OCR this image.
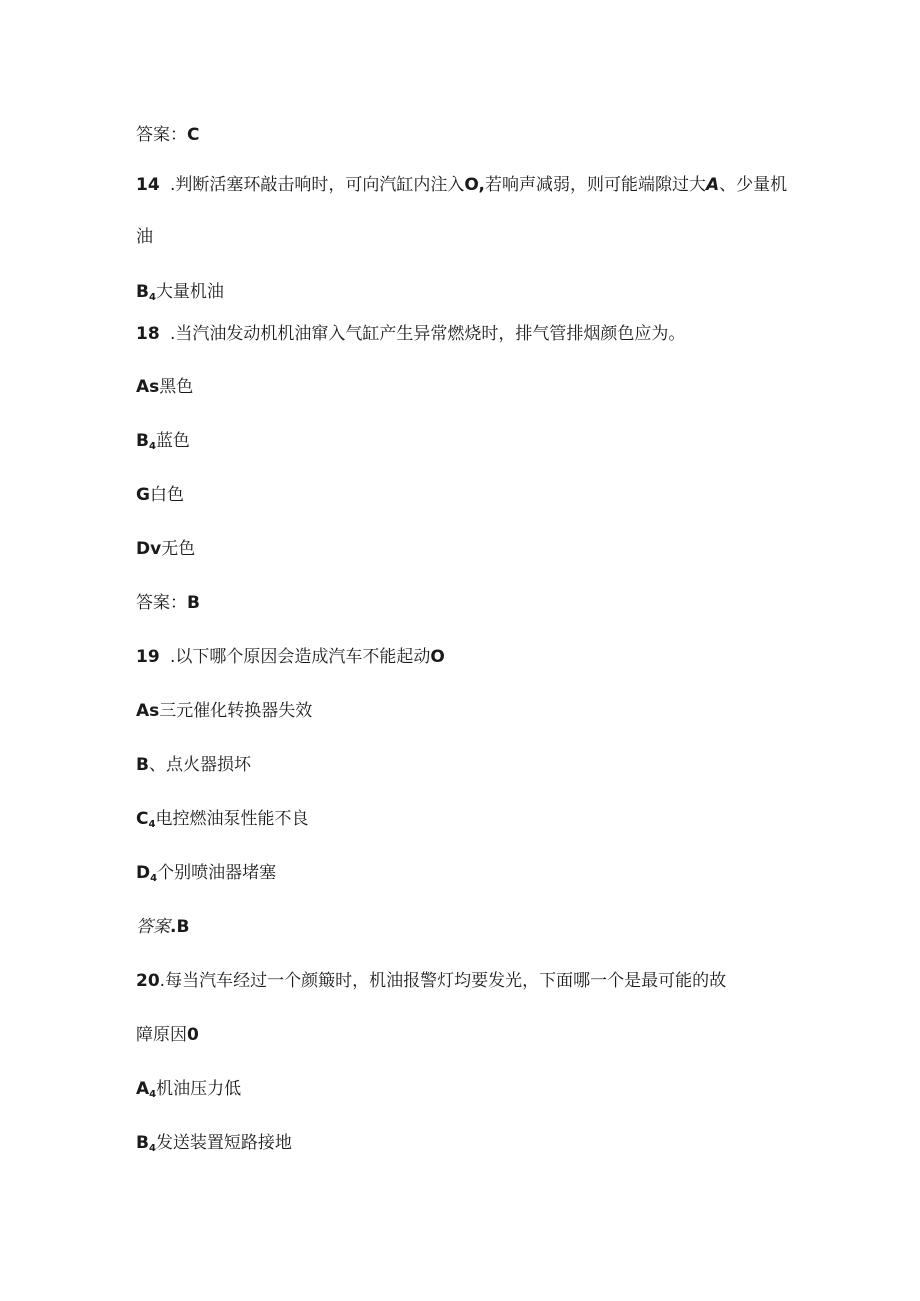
答案：C
14 .判断活塞环敲击响时，可向汽缸内注入O,若响声减弱，则可能端隙过大A、少量机
油
$B_4$大量机油
18 .当汽油发动机机油窜入气缸产生异常燃烧时，排气管排烟颜色应为。
As黑色
$B_4$蓝色
G白色
Dv无色
答案：B
19 .以下哪个原因会造成汽车不能起动O
As三元催化转换器失效
B、点火器损坏
$C_4$电控燃油泵性能不良
$D_4$个别喷油器堵塞
答案.B
20.每当汽车经过一个颜簸时，机油报警灯均要发光，下面哪一个是最可能的故
障原因0
$A_4$机油压力低
$B_4$发送装置短路接地
